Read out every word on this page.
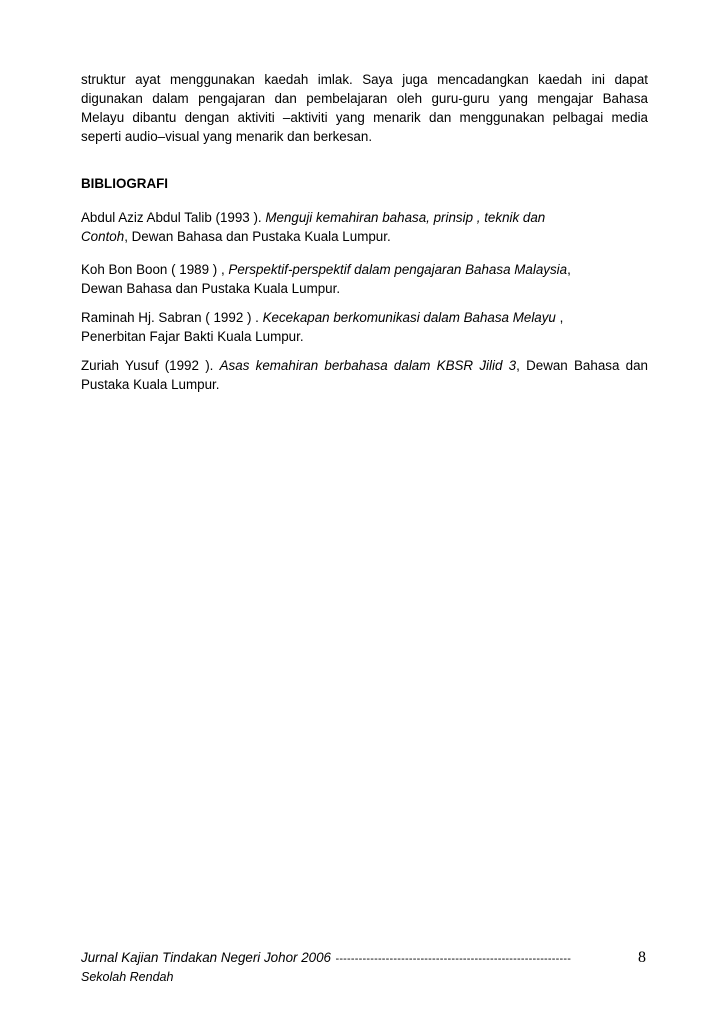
struktur ayat menggunakan kaedah imlak. Saya juga mencadangkan kaedah ini dapat
digunakan dalam pengajaran dan pembelajaran oleh guru-guru yang mengajar Bahasa
Melayu dibantu dengan aktiviti –aktiviti yang menarik dan menggunakan pelbagai media
seperti audio–visual yang menarik dan berkesan.

BIBLIOGRAFI

Abdul Aziz Abdul Talib (1993 ). Menguji kemahiran bahasa, prinsip , teknik dan
Contoh, Dewan Bahasa dan Pustaka Kuala Lumpur.

Koh Bon Boon ( 1989 ) , Perspektif-perspektif dalam pengajaran Bahasa Malaysia,
Dewan Bahasa dan Pustaka Kuala Lumpur.

Raminah Hj. Sabran ( 1992 ) . Kecekapan berkomunikasi dalam Bahasa Melayu ,
Penerbitan Fajar Bakti Kuala Lumpur.

Zuriah Yusuf (1992 ). Asas kemahiran berbahasa dalam KBSR Jilid 3, Dewan Bahasa dan
Pustaka Kuala Lumpur.

Jurnal Kajian Tindakan Negeri Johor 2006 -------------------------------------------------------------	8
Sekolah Rendah
